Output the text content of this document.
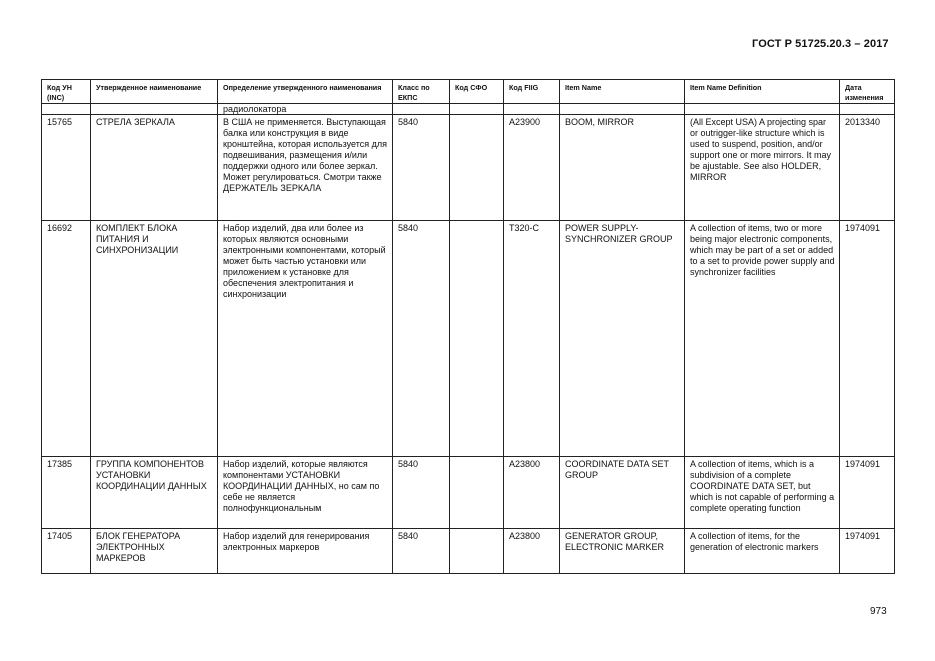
ГОСТ Р 51725.20.3 – 2017
Код УН (INC)	Утвержденное наименование	Определение утвержденного наименования	Класс по ЕКПС	Код СФО	Код FIIG	Item Name	Item Name Definition	Дата изменения
		радиолокатора						
15765	СТРЕЛА ЗЕРКАЛА	В США не применяется. Выступающая балка или конструкция в виде кронштейна, которая используется для подвешивания, размещения и/или поддержки одного или более зеркал. Может регулироваться. Смотри также ДЕРЖАТЕЛЬ ЗЕРКАЛА	5840		A23900	BOOM, MIRROR	(All Except USA) A projecting spar or outrigger-like structure which is used to suspend, position, and/or support one or more mirrors. It may be ajustable. See also HOLDER, MIRROR	2013340
16692	КОМПЛЕКТ БЛОКА ПИТАНИЯ И СИНХРОНИЗАЦИИ	Набор изделий, два или более из которых являются основными электронными компонентами, который может быть частью установки или приложением к установке для обеспечения электропитания и синхронизации	5840		T320-C	POWER SUPPLY-SYNCHRONIZER GROUP	A collection of items, two or more being major electronic components, which may be part of a set or added to a set to provide power supply and synchronizer facilities	1974091
17385	ГРУППА КОМПОНЕНТОВ УСТАНОВКИ КООРДИНАЦИИ ДАННЫХ	Набор изделий, которые являются компонентами УСТАНОВКИ КООРДИНАЦИИ ДАННЫХ, но сам по себе не является полнофункциональным	5840		A23800	COORDINATE DATA SET GROUP	A collection of items, which is a subdivision of a complete COORDINATE DATA SET, but which is not capable of performing a complete operating function	1974091
17405	БЛОК ГЕНЕРАТОРА ЭЛЕКТРОННЫХ МАРКЕРОВ	Набор изделий для генерирования электронных маркеров	5840		A23800	GENERATOR GROUP, ELECTRONIC MARKER	A collection of items, for the generation of electronic markers	1974091
973
